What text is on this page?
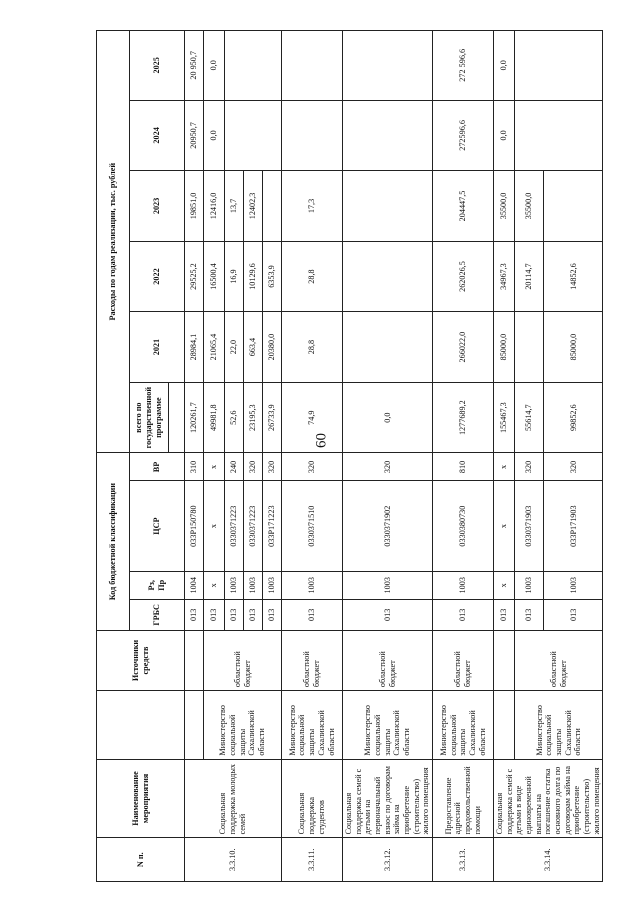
60
N п.	Наименование мероприятия		Источники средств	Код бюджетной классификации				Расходы по годам реализации, тыс. рублей					
				ГРБС	Рз, Пр	ЦСР	ВР	всего по государственной программе	2021	2022	2023	2024	2025

3.3.10.	Социальная поддержка молодых семей			013	1004	033Р150780	310	120261,7	28984,1	29525,2	19851,0	20950,7	20 950,7
		Министерство социальной защиты Сахалинской области	областной бюджет	013	х	х	х	49981,8	21065,4	16500,4	12416,0	0,0	0,0
				013	1003	0330371223	240	52,6	22,0	16,9	13,7		
				013	1003	0330371223	320	23195,3	663,4	10129,6	12402,3		
				013	1003	033Р171223	320	26733,9	20380,0	6353,9			
3.3.11.	Социальная поддержка студентов	Министерство социальной защиты Сахалинской области	областной бюджет	013	1003	0330371510	320	74,9	28,8	28,8	17,3		
3.3.12.	Социальная поддержка семей с детьми на первоначальный взнос по договорам займа на приобретение (строительство) жилого помещения	Министерство социальной защиты Сахалинской области	областной бюджет	013	1003	0330371902	320	0,0					
3.3.13.	Предоставление адресной продовольственной помощи	Министерство социальной защиты Сахалинской области	областной бюджет	013	1003	0330380730	810	1277689,2	266022,0	262026,5	204447,5	272596,6	272 596,6
3.3.14.	Социальная поддержка семей с детьми в виде единовременной выплаты на погашение остатка основного долга по договорам займа на приобретение (строительство) жилого помещения			013	х	х	х	155467,3	85000,0	34967,3	35500,0	0,0	0,0
		Министерство социальной защиты Сахалинской области	областной бюджет	013	1003	0330371903	320	55614,7		20114,7	35500,0		
				013	1003	033Р171903	320	99852,6	85000,0	14852,6			
